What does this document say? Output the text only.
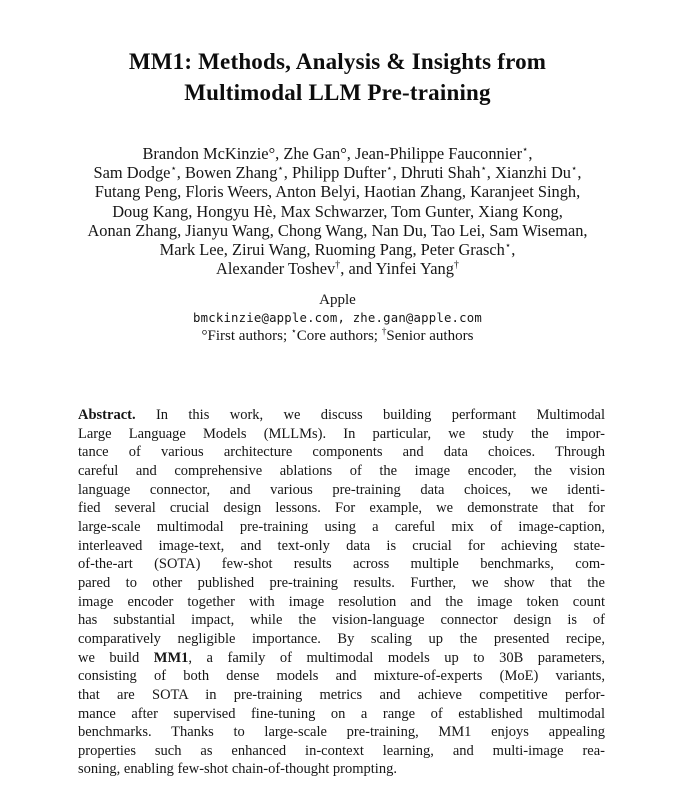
MM1: Methods, Analysis & Insights from
Multimodal LLM Pre-training
Brandon McKinzie°, Zhe Gan°, Jean-Philippe Fauconnier⋆,
Sam Dodge⋆, Bowen Zhang⋆, Philipp Dufter⋆, Dhruti Shah⋆, Xianzhi Du⋆,
Futang Peng, Floris Weers, Anton Belyi, Haotian Zhang, Karanjeet Singh,
Doug Kang, Hongyu Hè, Max Schwarzer, Tom Gunter, Xiang Kong,
Aonan Zhang, Jianyu Wang, Chong Wang, Nan Du, Tao Lei, Sam Wiseman,
Mark Lee, Zirui Wang, Ruoming Pang, Peter Grasch⋆,
Alexander Toshev†, and Yinfei Yang†
Apple
bmckinzie@apple.com, zhe.gan@apple.com
°First authors; ⋆Core authors; †Senior authors
Abstract. In this work, we discuss building performant Multimodal
Large Language Models (MLLMs). In particular, we study the impor-
tance of various architecture components and data choices. Through
careful and comprehensive ablations of the image encoder, the vision
language connector, and various pre-training data choices, we identi-
fied several crucial design lessons. For example, we demonstrate that for
large-scale multimodal pre-training using a careful mix of image-caption,
interleaved image-text, and text-only data is crucial for achieving state-
of-the-art (SOTA) few-shot results across multiple benchmarks, com-
pared to other published pre-training results. Further, we show that the
image encoder together with image resolution and the image token count
has substantial impact, while the vision-language connector design is of
comparatively negligible importance. By scaling up the presented recipe,
we build MM1, a family of multimodal models up to 30B parameters,
consisting of both dense models and mixture-of-experts (MoE) variants,
that are SOTA in pre-training metrics and achieve competitive perfor-
mance after supervised fine-tuning on a range of established multimodal
benchmarks. Thanks to large-scale pre-training, MM1 enjoys appealing
properties such as enhanced in-context learning, and multi-image rea-
soning, enabling few-shot chain-of-thought prompting.
